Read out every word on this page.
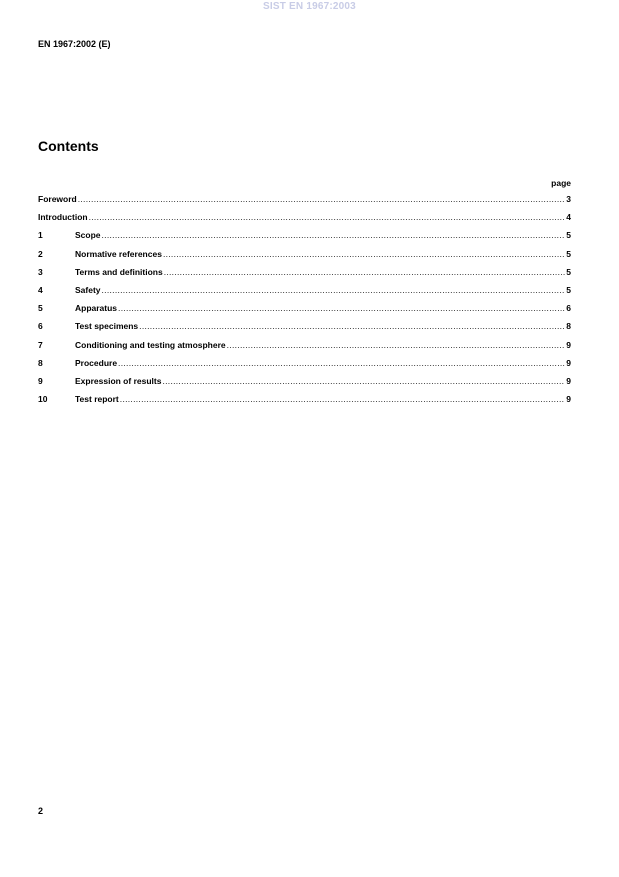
SIST EN 1967:2003
EN 1967:2002 (E)
Contents
page
Foreword .....	3
Introduction .....	4
1	Scope .....	5
2	Normative references .....	5
3	Terms and definitions .....	5
4	Safety .....	5
5	Apparatus .....	6
6	Test specimens .....	8
7	Conditioning and testing atmosphere .....	9
8	Procedure .....	9
9	Expression of results .....	9
10	Test report .....	9
2
